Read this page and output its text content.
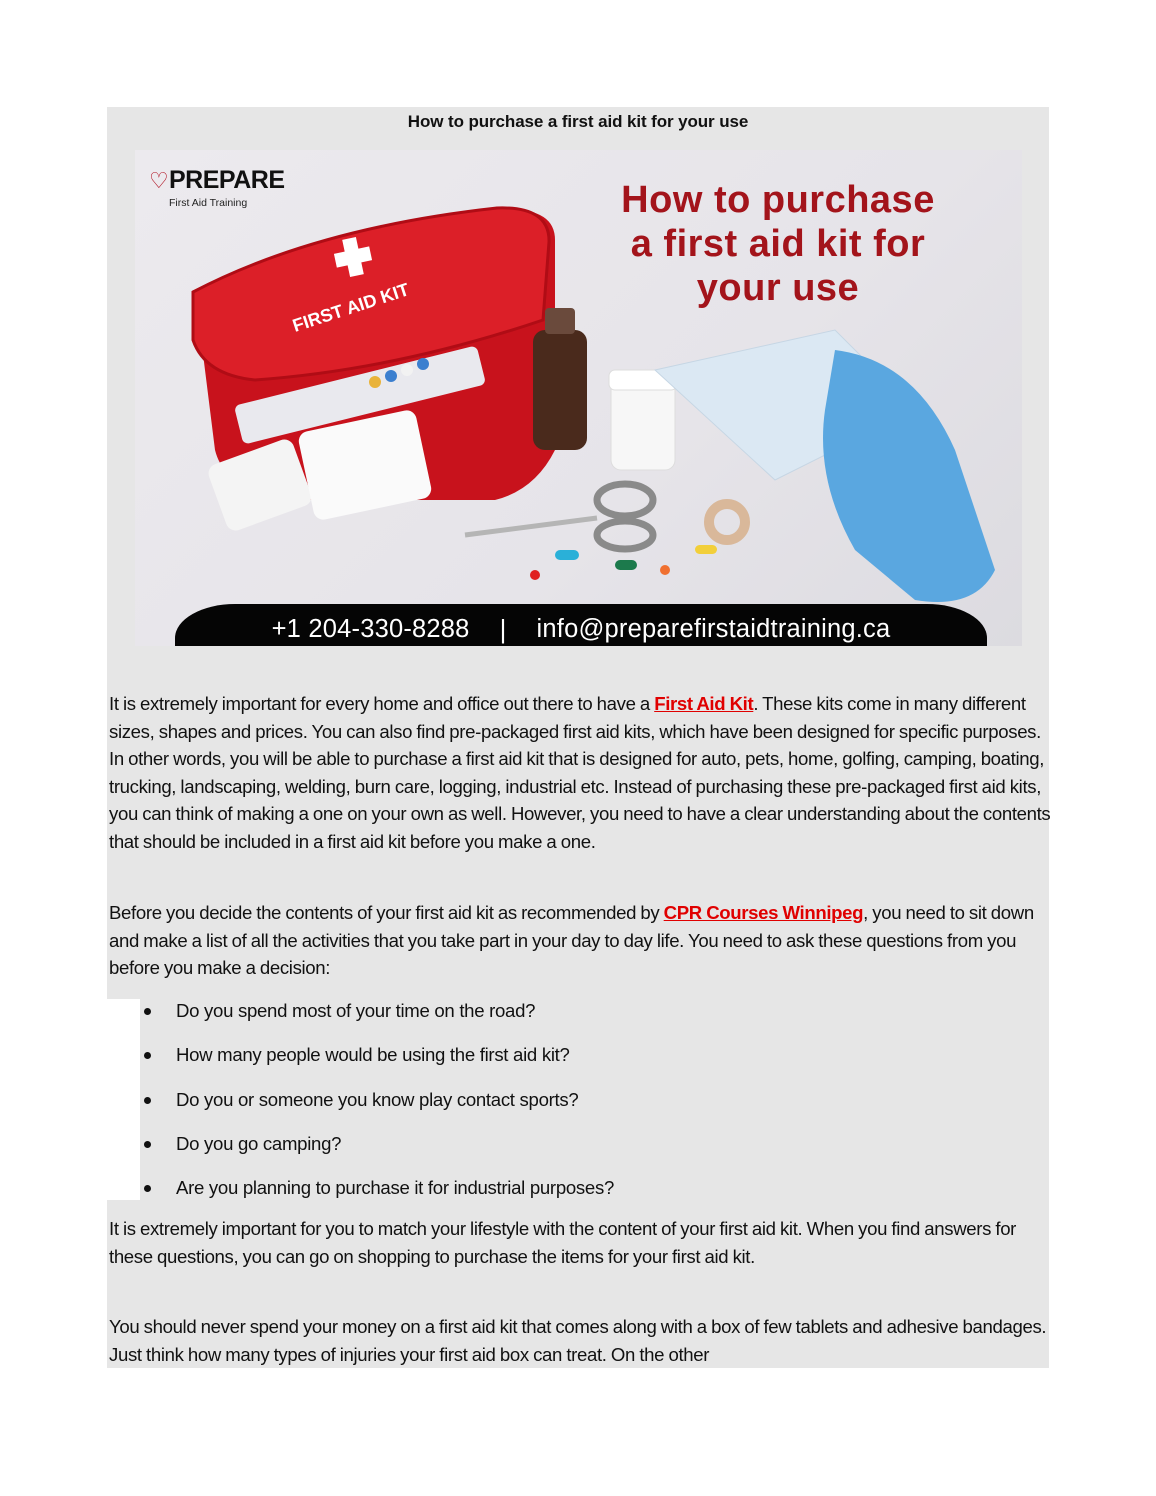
How to purchase a first aid kit for your use
FIRST AID KIT
♡ PREPARE
First Aid Training	How to purchase
a first aid kit for
your use
+1 204-330-8288 | info@preparefirstaidtraining.ca

It is extremely important for every home and office out there to have a First Aid Kit. These kits come in many different sizes, shapes and prices. You can also find pre-packaged first aid kits, which have been designed for specific purposes. In other words, you will be able to purchase a first aid kit that is designed for auto, pets, home, golfing, camping, boating, trucking, landscaping, welding, burn care, logging, industrial etc. Instead of purchasing these pre-packaged first aid kits, you can think of making a one on your own as well. However, you need to have a clear understanding about the contents that should be included in a first aid kit before you make a one.

Before you decide the contents of your first aid kit as recommended by CPR Courses Winnipeg, you need to sit down and make a list of all the activities that you take part in your day to day life. You need to ask these questions from you before you make a decision:

Do you spend most of your time on the road?
How many people would be using the first aid kit?
Do you or someone you know play contact sports?
Do you go camping?
Are you planning to purchase it for industrial purposes?

It is extremely important for you to match your lifestyle with the content of your first aid kit. When you find answers for these questions, you can go on shopping to purchase the items for your first aid kit.

You should never spend your money on a first aid kit that comes along with a box of few tablets and adhesive bandages. Just think how many types of injuries your first aid box can treat. On the other
